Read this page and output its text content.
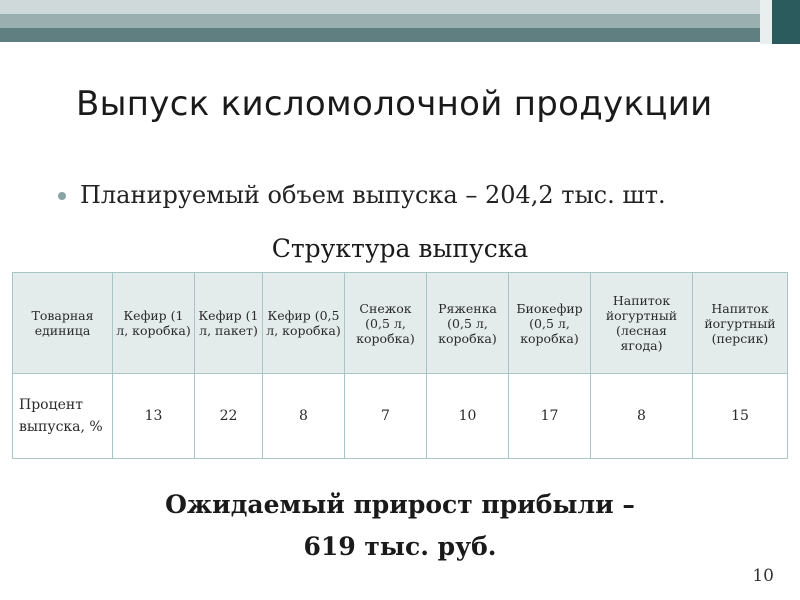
Выпуск кисломолочной продукции
Планируемый объем выпуска – 204,2 тыс. шт.
Структура выпуска
Товарная единица	Кефир (1 л, коробка)	Кефир (1 л, пакет)	Кефир (0,5 л, коробка)	Снежок (0,5 л, коробка)	Ряженка (0,5 л, коробка)	Биокефир (0,5 л, коробка)	Напиток йогуртный (лесная ягода)	Напиток йогуртный (персик)
Процент выпуска, %	13	22	8	7	10	17	8	15
Ожидаемый прирост прибыли –
619 тыс. руб.
10
